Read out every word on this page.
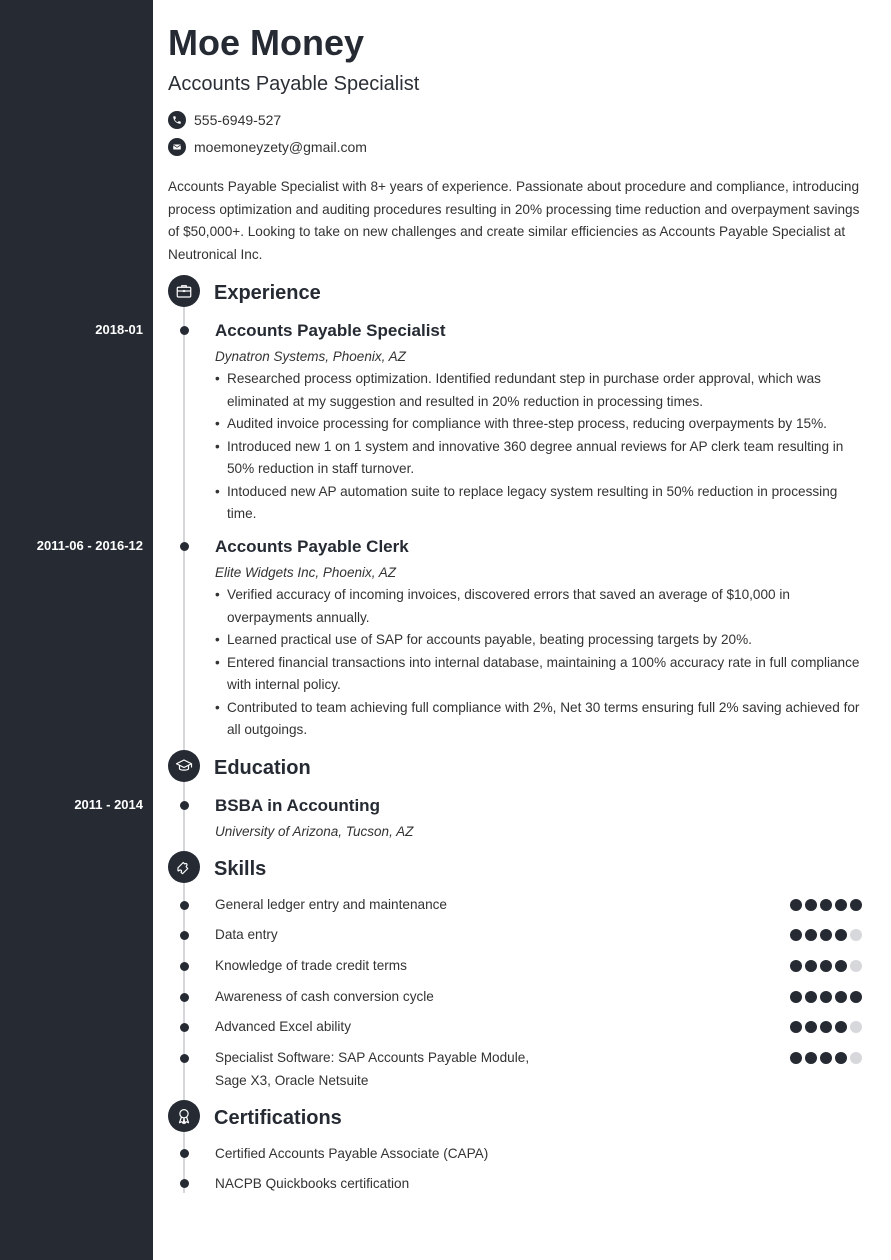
Moe Money
Accounts Payable Specialist
555-6949-527
moemoneyzety@gmail.com

Accounts Payable Specialist with 8+ years of experience. Passionate about procedure and compliance, introducing process optimization and auditing procedures resulting in 20% processing time reduction and overpayment savings of $50,000+. Looking to take on new challenges and create similar efficiencies as Accounts Payable Specialist at Neutronical Inc.

Experience
2018-01	Accounts Payable Specialist
Dynatron Systems, Phoenix, AZ
• Researched process optimization. Identified redundant step in purchase order approval, which was eliminated at my suggestion and resulted in 20% reduction in processing times.
• Audited invoice processing for compliance with three-step process, reducing overpayments by 15%.
• Introduced new 1 on 1 system and innovative 360 degree annual reviews for AP clerk team resulting in 50% reduction in staff turnover.
• Intoduced new AP automation suite to replace legacy system resulting in 50% reduction in processing time.
2011-06 - 2016-12	Accounts Payable Clerk
Elite Widgets Inc, Phoenix, AZ
• Verified accuracy of incoming invoices, discovered errors that saved an average of $10,000 in overpayments annually.
• Learned practical use of SAP for accounts payable, beating processing targets by 20%.
• Entered financial transactions into internal database, maintaining a 100% accuracy rate in full compliance with internal policy.
• Contributed to team achieving full compliance with 2%, Net 30 terms ensuring full 2% saving achieved for all outgoings.
Education
2011 - 2014	BSBA in Accounting
University of Arizona, Tucson, AZ
Skills
General ledger entry and maintenance
Data entry
Knowledge of trade credit terms
Awareness of cash conversion cycle
Advanced Excel ability
Specialist Software: SAP Accounts Payable Module,
Sage X3, Oracle Netsuite
Certifications
Certified Accounts Payable Associate (CAPA)
NACPB Quickbooks certification
